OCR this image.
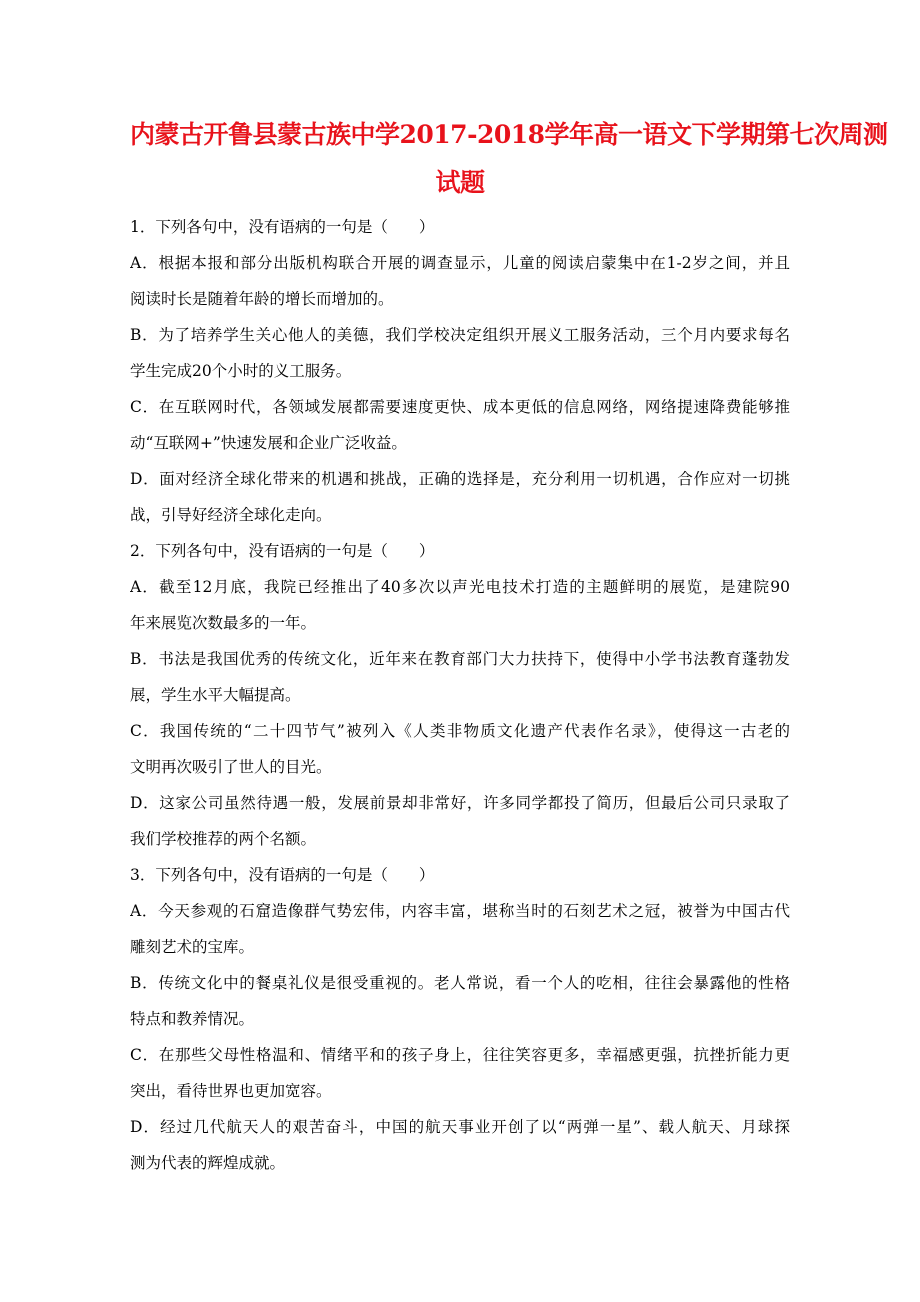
内蒙古开鲁县蒙古族中学2017-2018学年高一语文下学期第七次周测
试题
1．下列各句中，没有语病的一句是（　　）
A．根据本报和部分出版机构联合开展的调查显示，儿童的阅读启蒙集中在1-2岁之间，并且
阅读时长是随着年龄的增长而增加的。
B．为了培养学生关心他人的美德，我们学校决定组织开展义工服务活动，三个月内要求每名
学生完成20个小时的义工服务。
C．在互联网时代，各领域发展都需要速度更快、成本更低的信息网络，网络提速降费能够推
动“互联网+”快速发展和企业广泛收益。
D．面对经济全球化带来的机遇和挑战，正确的选择是，充分利用一切机遇，合作应对一切挑
战，引导好经济全球化走向。
2．下列各句中，没有语病的一句是（　　）
A．截至12月底，我院已经推出了40多次以声光电技术打造的主题鲜明的展览，是建院90
年来展览次数最多的一年。
B．书法是我国优秀的传统文化，近年来在教育部门大力扶持下，使得中小学书法教育蓬勃发
展，学生水平大幅提高。
C．我国传统的“二十四节气”被列入《人类非物质文化遗产代表作名录》，使得这一古老的
文明再次吸引了世人的目光。
D．这家公司虽然待遇一般，发展前景却非常好，许多同学都投了简历，但最后公司只录取了
我们学校推荐的两个名额。
3．下列各句中，没有语病的一句是（　　）
A．今天参观的石窟造像群气势宏伟，内容丰富，堪称当时的石刻艺术之冠，被誉为中国古代
雕刻艺术的宝库。
B．传统文化中的餐桌礼仪是很受重视的。老人常说，看一个人的吃相，往往会暴露他的性格
特点和教养情况。
C．在那些父母性格温和、情绪平和的孩子身上，往往笑容更多，幸福感更强，抗挫折能力更
突出，看待世界也更加宽容。
D．经过几代航天人的艰苦奋斗，中国的航天事业开创了以“两弹一星”、载人航天、月球探
测为代表的辉煌成就。
